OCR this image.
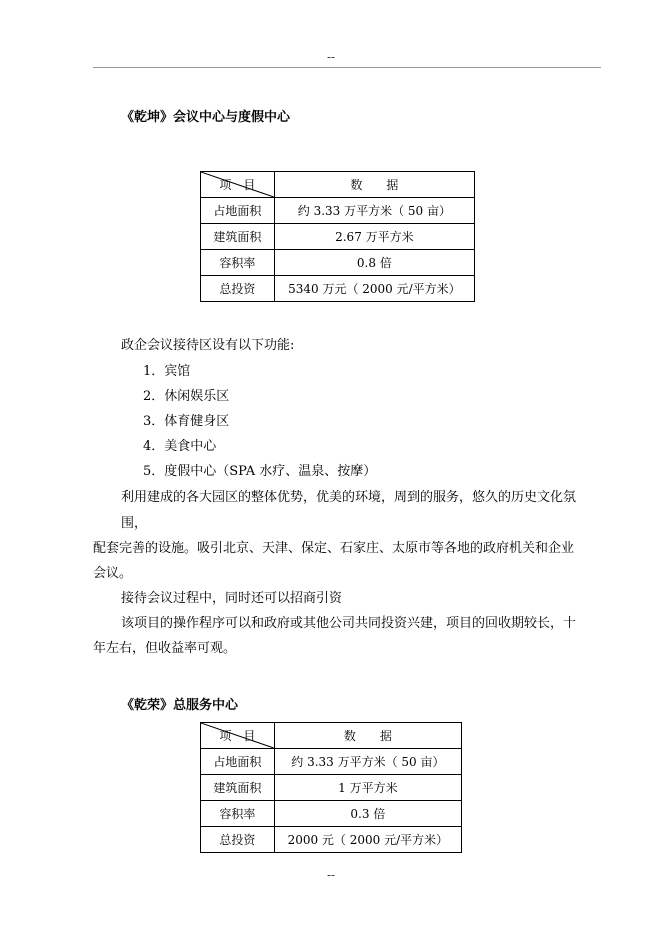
--
《乾坤》会议中心与度假中心
项　目	数　　据
占地面积	约 3.33 万平方米（ 50 亩）
建筑面积	2.67 万平方米
容积率	0.8 倍
总投资	5340 万元（ 2000 元/平方米）
政企会议接待区设有以下功能:
1．宾馆
2．休闲娱乐区
3．体育健身区
4．美食中心
5．度假中心（SPA 水疗、温泉、按摩）
利用建成的各大园区的整体优势，优美的环境，周到的服务，悠久的历史文化氛
围，
配套完善的设施。吸引北京、天津、保定、石家庄、太原市等各地的政府机关和企业
会议。
接待会议过程中，同时还可以招商引资
该项目的操作程序可以和政府或其他公司共同投资兴建，项目的回收期较长，十
年左右，但收益率可观。
《乾荣》总服务中心
项　目	数　　据
占地面积	约 3.33 万平方米（ 50 亩）
建筑面积	1 万平方米
容积率	0.3 倍
总投资	2000 元（ 2000 元/平方米）
--
